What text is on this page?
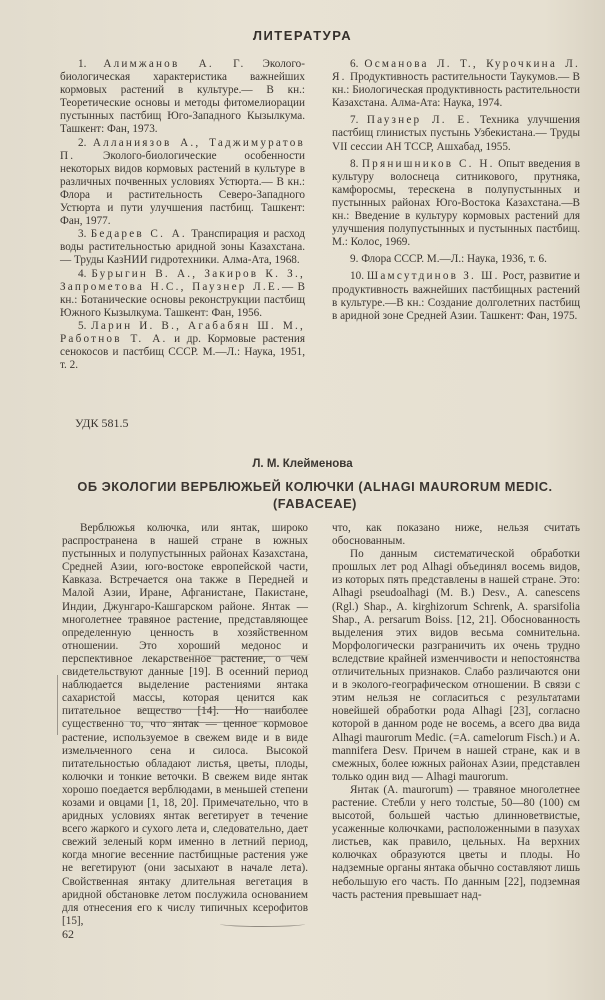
ЛИТЕРАТУРА

1. Алимжанов А. Г. Эколого-биологическая характеристика важнейших кормовых растений в культуре.— В кн.: Теоретические основы и методы фитомелиорации пустынных пастбищ Юго-Западного Кызылкума. Ташкент: Фан, 1973.

2. Алланиязов А., Таджимуратов П. Эколого-биологические особенности некоторых видов кормовых растений в культуре в различных почвенных условиях Устюрта.— В кн.: Флора и растительность Северо-Западного Устюрта и пути улучшения пастбищ. Ташкент: Фан, 1977.

3. Бедарев С. А. Транспирация и расход воды растительностью аридной зоны Казахстана.— Труды КазНИИ гидротехники. Алма-Ата, 1968.

4. Бурыгин В. А., Закиров К. З., Запрометова Н.С., Паузнер Л.Е.— В кн.: Ботанические основы реконструкции пастбищ Южного Кызылкума. Ташкент: Фан, 1956.

5. Ларин И. В., Агабабян Ш. М., Работнов Т. А. и др. Кормовые растения сенокосов и пастбищ СССР. М.—Л.: Наука, 1951, т. 2.

6. Османова Л. Т., Курочкина Л. Я. Продуктивность растительности Таукумов.— В кн.: Биологическая продуктивность растительности Казахстана. Алма-Ата: Наука, 1974.

7. Паузнер Л. Е. Техника улучшения пастбищ глинистых пустынь Узбекистана.— Труды VII сессии АН ТССР, Ашхабад, 1955.

8. Прянишников С. Н. Опыт введения в культуру волоснеца ситникового, прутняка, камфоросмы, терескена в полупустынных и пустынных районах Юго-Востока Казахстана.—В кн.: Введение в культуру кормовых растений для улучшения полупустынных и пустынных пастбищ. М.: Колос, 1969.

9. Флора СССР. М.—Л.: Наука, 1936, т. 6.

10. Шамсутдинов З. Ш. Рост, развитие и продуктивность важнейших пастбищных растений в культуре.—В кн.: Создание долголетних пастбищ в аридной зоне Средней Азии. Ташкент: Фан, 1975.

УДК 581.5
Л. М. Клейменова
ОБ ЭКОЛОГИИ ВЕРБЛЮЖЬЕЙ КОЛЮЧКИ (ALHAGI MAURORUM MEDIC. (FABACEAE)

Верблюжья колючка, или янтак, широко распространена в нашей стране в южных пустынных и полупустынных районах Казахстана, Средней Азии, юго-востоке европейской части, Кавказа. Встречается она также в Передней и Малой Азии, Иране, Афганистане, Пакистане, Индии, Джунгаро-Кашгарском районе. Янтак — многолетнее травяное растение, представляющее определенную ценность в хозяйственном отношении. Это хороший медонос и перспективное лекарственное растение, о чем свидетельствуют данные [19]. В осенний период наблюдается выделение растениями янтака сахаристой массы, которая ценится как питательное вещество [14]. Но наиболее существенно то, что янтак — ценное кормовое растение, используемое в свежем виде и в виде измельченного сена и силоса. Высокой питательностью обладают листья, цветы, плоды, колючки и тонкие веточки. В свежем виде янтак хорошо поедается верблюдами, в меньшей степени козами и овцами [1, 18, 20]. Примечательно, что в аридных условиях янтак вегетирует в течение всего жаркого и сухого лета и, следовательно, дает свежий зеленый корм именно в летний период, когда многие весенние пастбищные растения уже не вегетируют (они засыхают в начале лета). Свойственная янтаку длительная вегетация в аридной обстановке летом послужила основанием для отнесения его к числу типичных ксерофитов [15],

что, как показано ниже, нельзя считать обоснованным.

По данным систематической обработки прошлых лет род Alhagi объединял восемь видов, из которых пять представлены в нашей стране. Это: Alhagi pseudoalhagi (M. B.) Desv., A. canescens (Rgl.) Shap., A. kirghizorum Schrenk, A. sparsifolia Shap., A. persarum Boiss. [12, 21]. Обоснованность выделения этих видов весьма сомнительна. Морфологически разграничить их очень трудно вследствие крайней изменчивости и непостоянства отличительных признаков. Слабо различаются они и в эколого-географическом отношении. В связи с этим нельзя не согласиться с результатами новейшей обработки рода Alhagi [23], согласно которой в данном роде не восемь, а всего два вида Alhagi maurorum Medic. (=A. camelorum Fisch.) и A. mannifera Desv. Причем в нашей стране, как и в смежных, более южных районах Азии, представлен только один вид — Alhagi maurorum.

Янтак (A. maurorum) — травяное многолетнее растение. Стебли у него толстые, 50—80 (100) см высотой, большей частью длинноветвистые, усаженные колючками, расположенными в пазухах листьев, как правило, цельных. На верхних колючках образуются цветы и плоды. Но надземные органы янтака обычно составляют лишь небольшую его часть. По данным [22], подземная часть растения превышает над-

62
